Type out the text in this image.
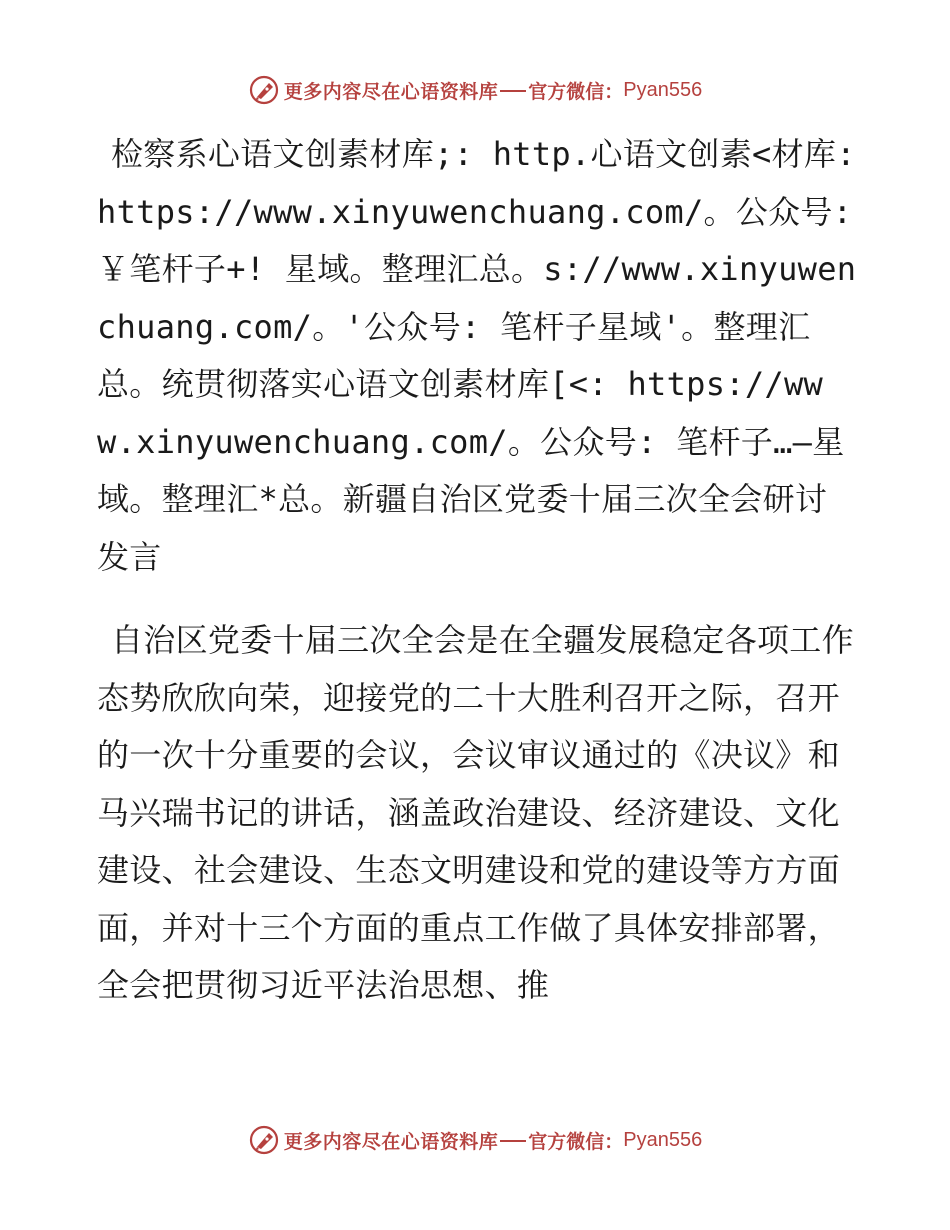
更多内容尽在心语资料库 官方微信： Pyan556

检察系心语文创素材库;: http.心语文创素<材库: https://www.xinyuwenchuang.com/。公众号: ￥笔杆子+! 星域。整理汇总。s://www.xinyuwenchuang.com/。'公众号: 笔杆子星域'。整理汇总。统贯彻落实心语文创素材库[<: https://www.xinyuwenchuang.com/。公众号: 笔杆子…—星域。整理汇*总。新疆自治区党委十届三次全会研讨发言

自治区党委十届三次全会是在全疆发展稳定各项工作态势欣欣向荣，迎接党的二十大胜利召开之际，召开的一次十分重要的会议，会议审议通过的《决议》和马兴瑞书记的讲话，涵盖政治建设、经济建设、文化建设、社会建设、生态文明建设和党的建设等方方面面，并对十三个方面的重点工作做了具体安排部署，全会把贯彻习近平法治思想、推

更多内容尽在心语资料库 官方微信： Pyan556
